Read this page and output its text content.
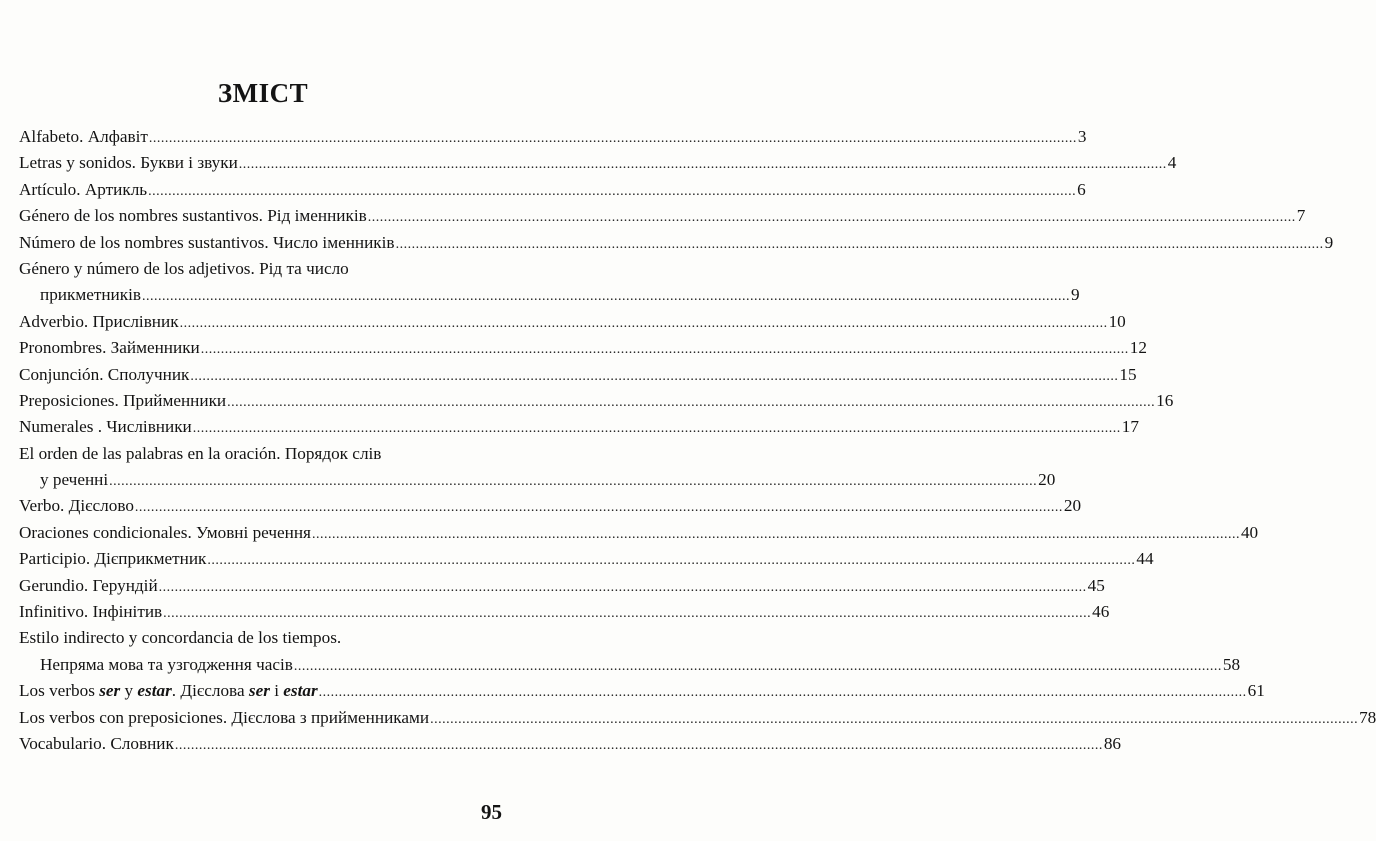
ЗМІСТ
Alfabeto. Алфавіт .....	3
Letras y sonidos. Букви і звуки .....	4
Artículo. Артикль .....	6
Género de los nombres sustantivos. Рід іменників .....	7
Número de los nombres sustantivos. Число іменників .....	9
Género y número de los adjetivos. Рід та число
прикметників .....	9
Adverbio. Прислівник .....	10
Pronombres. Займенники .....	12
Conjunción. Сполучник .....	15
Preposiciones. Прийменники .....	16
Numerales . Числівники .....	17
El orden de las palabras en la oración. Порядок слів
у реченні .....	20
Verbo. Дієслово .....	20
Oraciones condicionales. Умовні речення .....	40
Participio. Дієприкметник .....	44
Gerundio. Герундій .....	45
Infinitivo. Інфінітив .....	46
Estilo indirecto y concordancia de los tiempos.
Непряма мова та узгодження часів .....	58
Los verbos ser y estar. Дієслова ser і estar .....	61
Los verbos con preposiciones. Дієслова з прийменниками .....	78
Vocabulario. Словник .....	86
95
